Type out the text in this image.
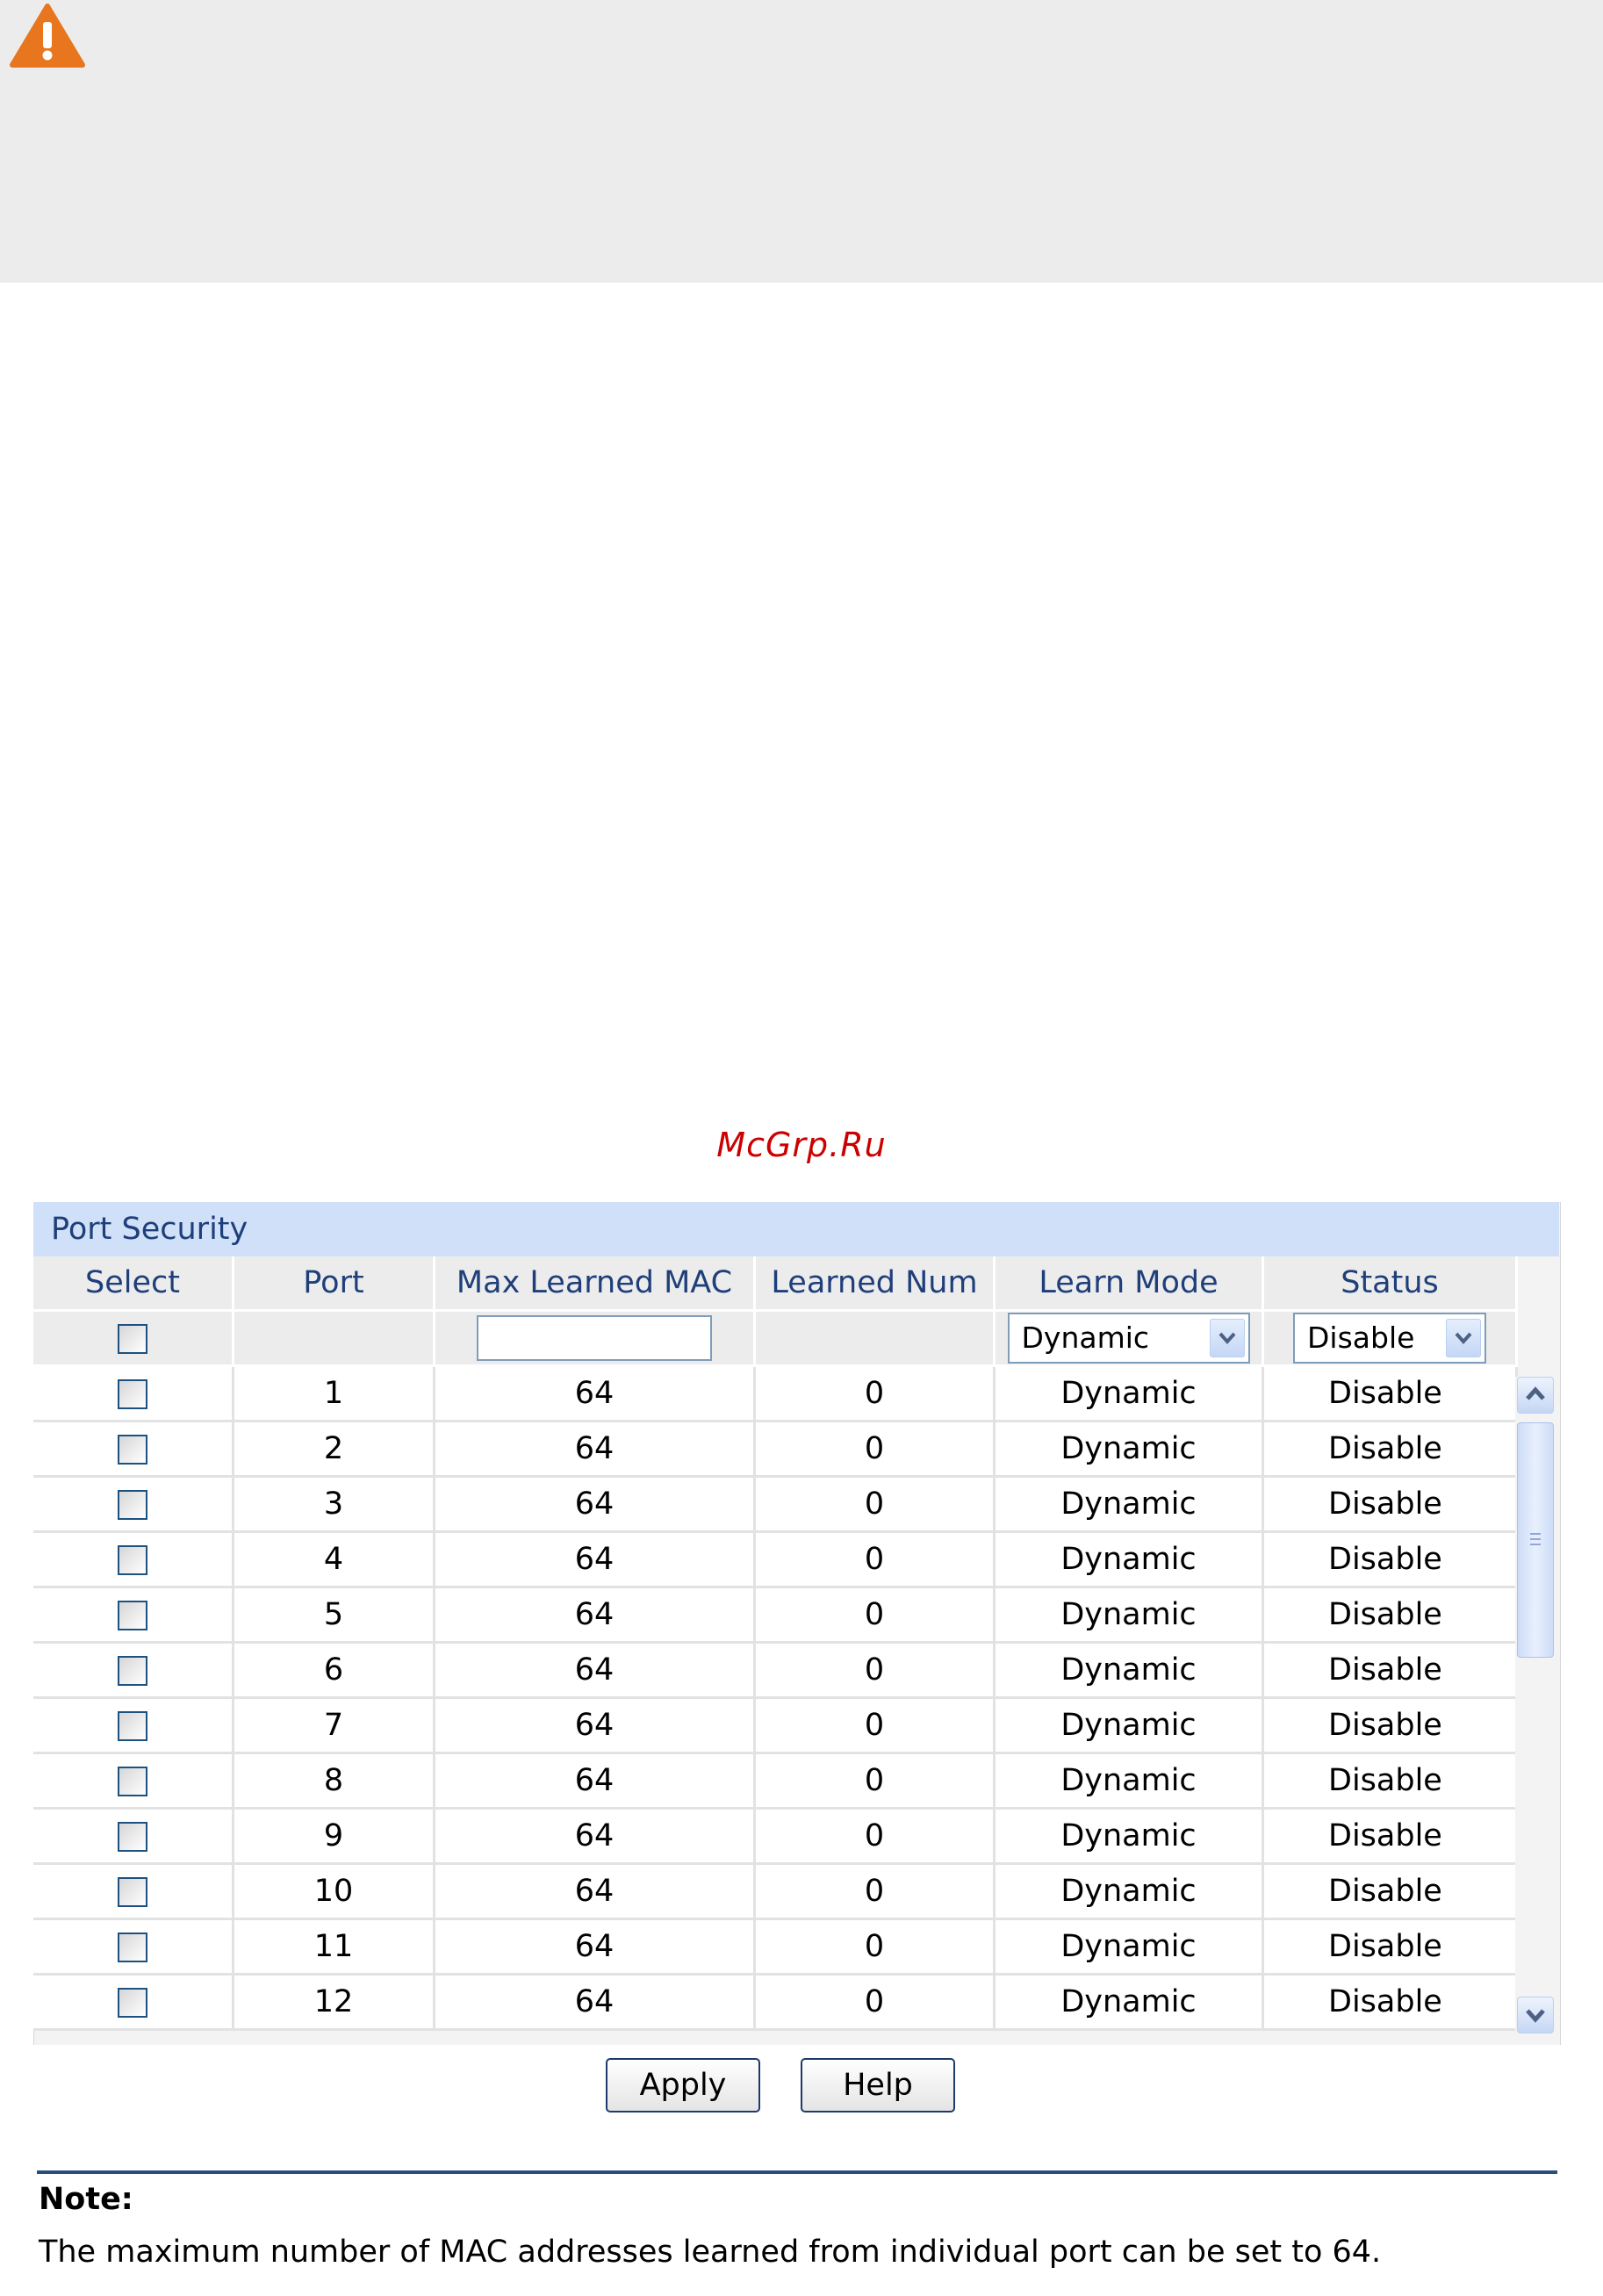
McGrp.Ru
Port Security
Select	Port	Max Learned MAC	Learned Num	Learn Mode	Status
				Dynamic	Disable
	1	64	0	Dynamic	Disable
	2	64	0	Dynamic	Disable
	3	64	0	Dynamic	Disable
	4	64	0	Dynamic	Disable
	5	64	0	Dynamic	Disable
	6	64	0	Dynamic	Disable
	7	64	0	Dynamic	Disable
	8	64	0	Dynamic	Disable
	9	64	0	Dynamic	Disable
	10	64	0	Dynamic	Disable
	11	64	0	Dynamic	Disable
	12	64	0	Dynamic	Disable
Apply	Help
Note:
The maximum number of MAC addresses learned from individual port can be set to 64.
